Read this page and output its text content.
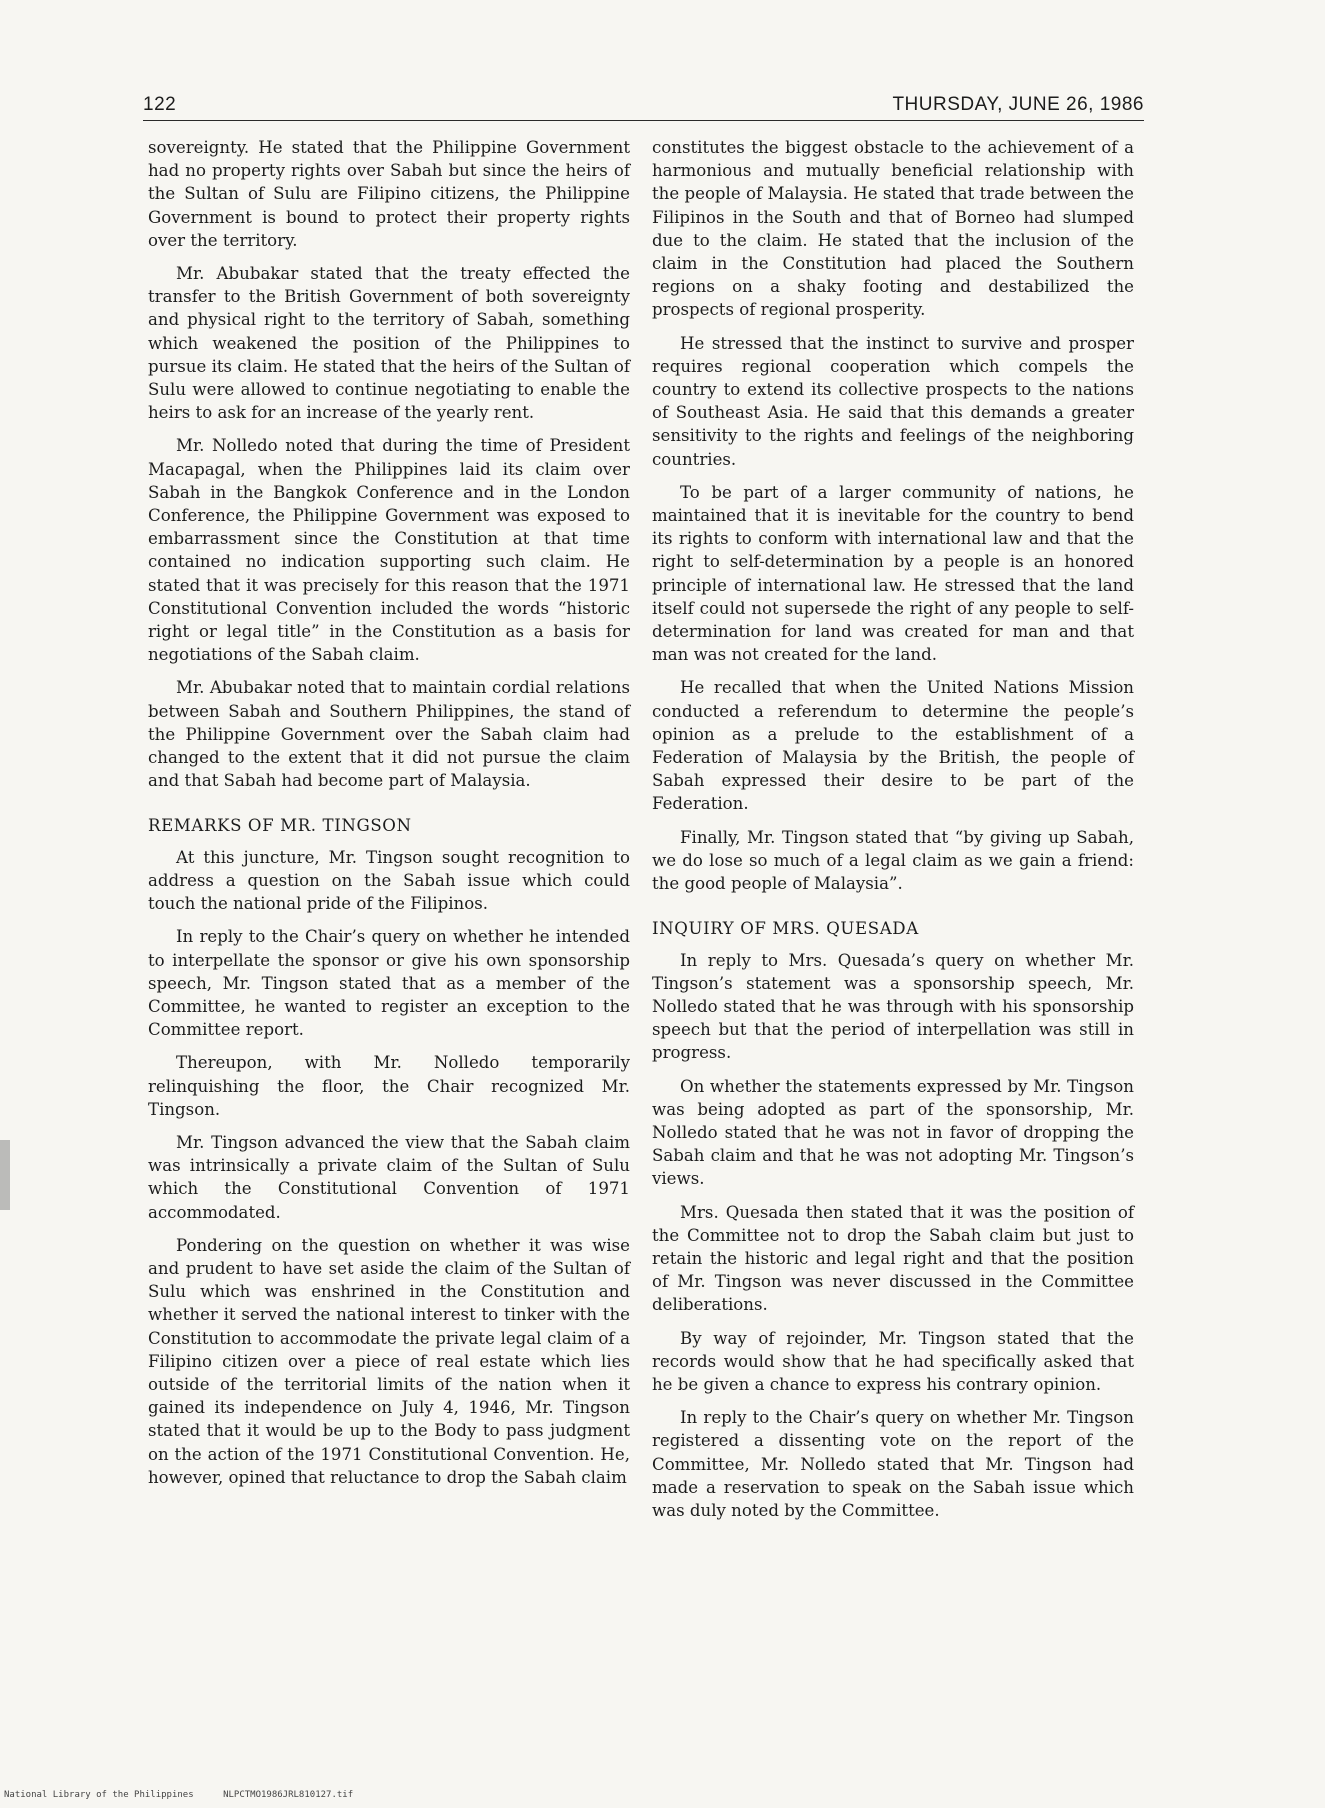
122	THURSDAY, JUNE 26, 1986

sovereignty. He stated that the Philippine Government had no property rights over Sabah but since the heirs of the Sultan of Sulu are Filipino citizens, the Philippine Government is bound to protect their property rights over the territory.

Mr. Abubakar stated that the treaty effected the transfer to the British Government of both sovereignty and physical right to the territory of Sabah, something which weakened the position of the Philippines to pursue its claim. He stated that the heirs of the Sultan of Sulu were allowed to continue negotiating to enable the heirs to ask for an increase of the yearly rent.

Mr. Nolledo noted that during the time of President Macapagal, when the Philippines laid its claim over Sabah in the Bangkok Conference and in the London Conference, the Philippine Government was exposed to embarrassment since the Constitution at that time contained no indication supporting such claim. He stated that it was precisely for this reason that the 1971 Constitutional Convention included the words “historic right or legal title” in the Constitution as a basis for negotiations of the Sabah claim.

Mr. Abubakar noted that to maintain cordial relations between Sabah and Southern Philippines, the stand of the Philippine Government over the Sabah claim had changed to the extent that it did not pursue the claim and that Sabah had become part of Malaysia.

REMARKS OF MR. TINGSON

At this juncture, Mr. Tingson sought recognition to address a question on the Sabah issue which could touch the national pride of the Filipinos.

In reply to the Chair’s query on whether he intended to interpellate the sponsor or give his own sponsorship speech, Mr. Tingson stated that as a member of the Committee, he wanted to register an exception to the Committee report.

Thereupon, with Mr. Nolledo temporarily relinquishing the floor, the Chair recognized Mr. Tingson.

Mr. Tingson advanced the view that the Sabah claim was intrinsically a private claim of the Sultan of Sulu which the Constitutional Convention of 1971 accommodated.

Pondering on the question on whether it was wise and prudent to have set aside the claim of the Sultan of Sulu which was enshrined in the Constitution and whether it served the national interest to tinker with the Constitution to accommodate the private legal claim of a Filipino citizen over a piece of real estate which lies outside of the territorial limits of the nation when it gained its independence on July 4, 1946, Mr. Tingson stated that it would be up to the Body to pass judgment on the action of the 1971 Constitutional Convention. He, however, opined that reluctance to drop the Sabah claim

constitutes the biggest obstacle to the achievement of a harmonious and mutually beneficial relationship with the people of Malaysia. He stated that trade between the Filipinos in the South and that of Borneo had slumped due to the claim. He stated that the inclusion of the claim in the Constitution had placed the Southern regions on a shaky footing and destabilized the prospects of regional prosperity.

He stressed that the instinct to survive and prosper requires regional cooperation which compels the country to extend its collective prospects to the nations of Southeast Asia. He said that this demands a greater sensitivity to the rights and feelings of the neighboring countries.

To be part of a larger community of nations, he maintained that it is inevitable for the country to bend its rights to conform with international law and that the right to self-determination by a people is an honored principle of international law. He stressed that the land itself could not supersede the right of any people to self-determination for land was created for man and that man was not created for the land.

He recalled that when the United Nations Mission conducted a referendum to determine the people’s opinion as a prelude to the establishment of a Federation of Malaysia by the British, the people of Sabah expressed their desire to be part of the Federation.

Finally, Mr. Tingson stated that “by giving up Sabah, we do lose so much of a legal claim as we gain a friend: the good people of Malaysia”.

INQUIRY OF MRS. QUESADA

In reply to Mrs. Quesada’s query on whether Mr. Tingson’s statement was a sponsorship speech, Mr. Nolledo stated that he was through with his sponsorship speech but that the period of interpellation was still in progress.

On whether the statements expressed by Mr. Tingson was being adopted as part of the sponsorship, Mr. Nolledo stated that he was not in favor of dropping the Sabah claim and that he was not adopting Mr. Tingson’s views.

Mrs. Quesada then stated that it was the position of the Committee not to drop the Sabah claim but just to retain the historic and legal right and that the position of Mr. Tingson was never discussed in the Committee deliberations.

By way of rejoinder, Mr. Tingson stated that the records would show that he had specifically asked that he be given a chance to express his contrary opinion.

In reply to the Chair’s query on whether Mr. Tingson registered a dissenting vote on the report of the Committee, Mr. Nolledo stated that Mr. Tingson had made a reservation to speak on the Sabah issue which was duly noted by the Committee.

National Library of the Philippines	NLPCTMO1986JRL810127.tif
